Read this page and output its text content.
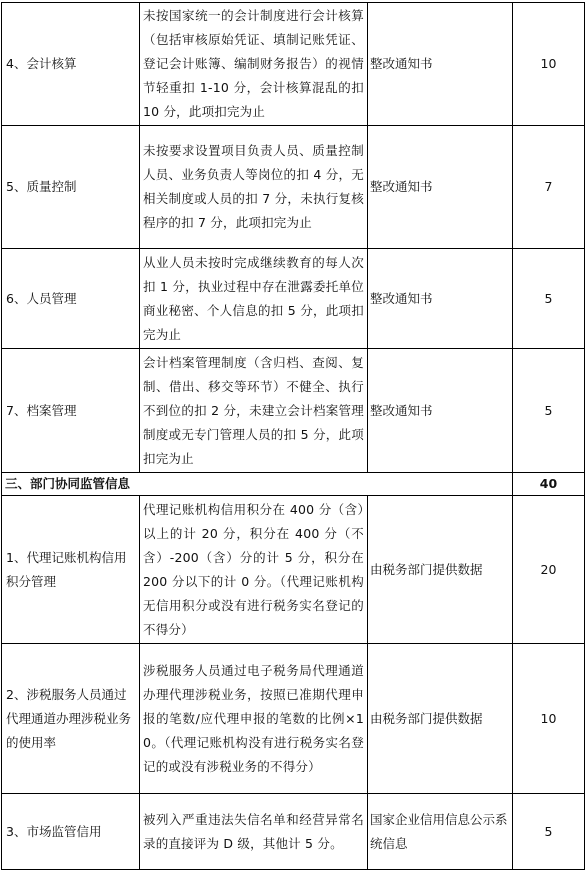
4、会计核算	未按国家统一的会计制度进行会计核算（包括审核原始凭证、填制记账凭证、登记会计账簿、编制财务报告）的视情节轻重扣 1-10 分，会计核算混乱的扣 10 分，此项扣完为止	整改通知书	10
5、质量控制	未按要求设置项目负责人员、质量控制人员、业务负责人等岗位的扣 4 分，无相关制度或人员的扣 7 分，未执行复核程序的扣 7 分，此项扣完为止	整改通知书	7
6、人员管理	从业人员未按时完成继续教育的每人次扣 1 分，执业过程中存在泄露委托单位商业秘密、个人信息的扣 5 分，此项扣完为止	整改通知书	5
7、档案管理	会计档案管理制度（含归档、查阅、复制、借出、移交等环节）不健全、执行不到位的扣 2 分，未建立会计档案管理制度或无专门管理人员的扣 5 分，此项扣完为止	整改通知书	5
三、部门协同监管信息			40
1、代理记账机构信用积分管理	代理记账机构信用积分在 400 分（含）以上的计 20 分，积分在 400 分（不含）-200（含）分的计 5 分，积分在 200 分以下的计 0 分。（代理记账机构无信用积分或没有进行税务实名登记的不得分）	由税务部门提供数据	20
2、涉税服务人员通过代理通道办理涉税业务的使用率	涉税服务人员通过电子税务局代理通道办理代理涉税业务，按照已准期代理申报的笔数/应代理申报的笔数的比例×10。（代理记账机构没有进行税务实名登记的或没有涉税业务的不得分）	由税务部门提供数据	10
3、市场监管信用	被列入严重违法失信名单和经营异常名录的直接评为 D 级，其他计 5 分。	国家企业信用信息公示系统信息	5
